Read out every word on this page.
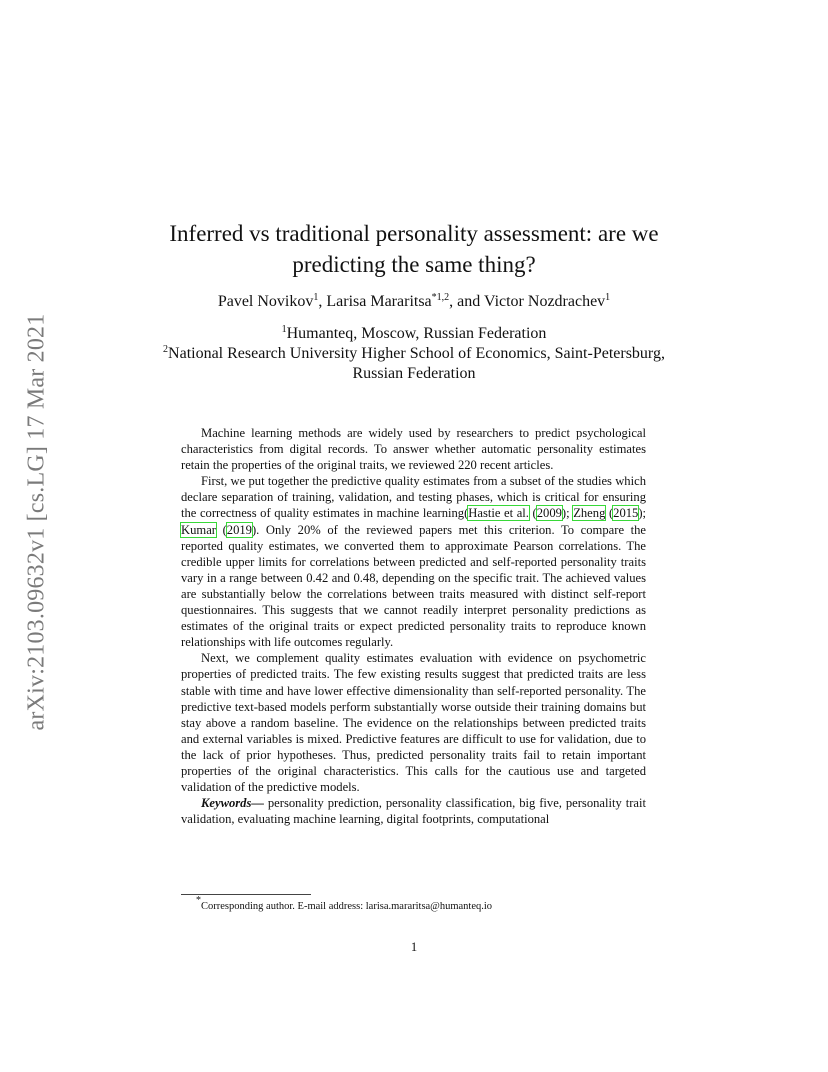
arXiv:2103.09632v1 [cs.LG] 17 Mar 2021
Inferred vs traditional personality assessment: are we predicting the same thing?
Pavel Novikov$^1$, Larisa Mararitsa$^{*1,2}$, and Victor Nozdrachev$^1$
$^1$Humanteq, Moscow, Russian Federation
$^2$National Research University Higher School of Economics, Saint-Petersburg, Russian Federation

Machine learning methods are widely used by researchers to predict psychological characteristics from digital records. To answer whether automatic personality estimates retain the properties of the original traits, we reviewed 220 recent articles.

First, we put together the predictive quality estimates from a subset of the studies which declare separation of training, validation, and testing phases, which is critical for ensuring the correctness of quality estimates in machine learning(Hastie et al. (2009); Zheng (2015); Kumar (2019). Only 20% of the reviewed papers met this criterion. To compare the reported quality estimates, we converted them to approximate Pearson correlations. The credible upper limits for correlations between predicted and self-reported personality traits vary in a range between 0.42 and 0.48, depending on the specific trait. The achieved values are substantially below the correlations between traits measured with distinct self-report questionnaires. This suggests that we cannot readily interpret personality predictions as estimates of the original traits or expect predicted personality traits to reproduce known relationships with life outcomes regularly.

Next, we complement quality estimates evaluation with evidence on psychometric properties of predicted traits. The few existing results suggest that predicted traits are less stable with time and have lower effective dimensionality than self-reported personality. The predictive text-based models perform substantially worse outside their training domains but stay above a random baseline. The evidence on the relationships between predicted traits and external variables is mixed. Predictive features are difficult to use for validation, due to the lack of prior hypotheses. Thus, predicted personality traits fail to retain important properties of the original characteristics. This calls for the cautious use and targeted validation of the predictive models.

Keywords— personality prediction, personality classification, big five, personality trait validation, evaluating machine learning, digital footprints, computational

*Corresponding author. E-mail address: larisa.mararitsa@humanteq.io
1
